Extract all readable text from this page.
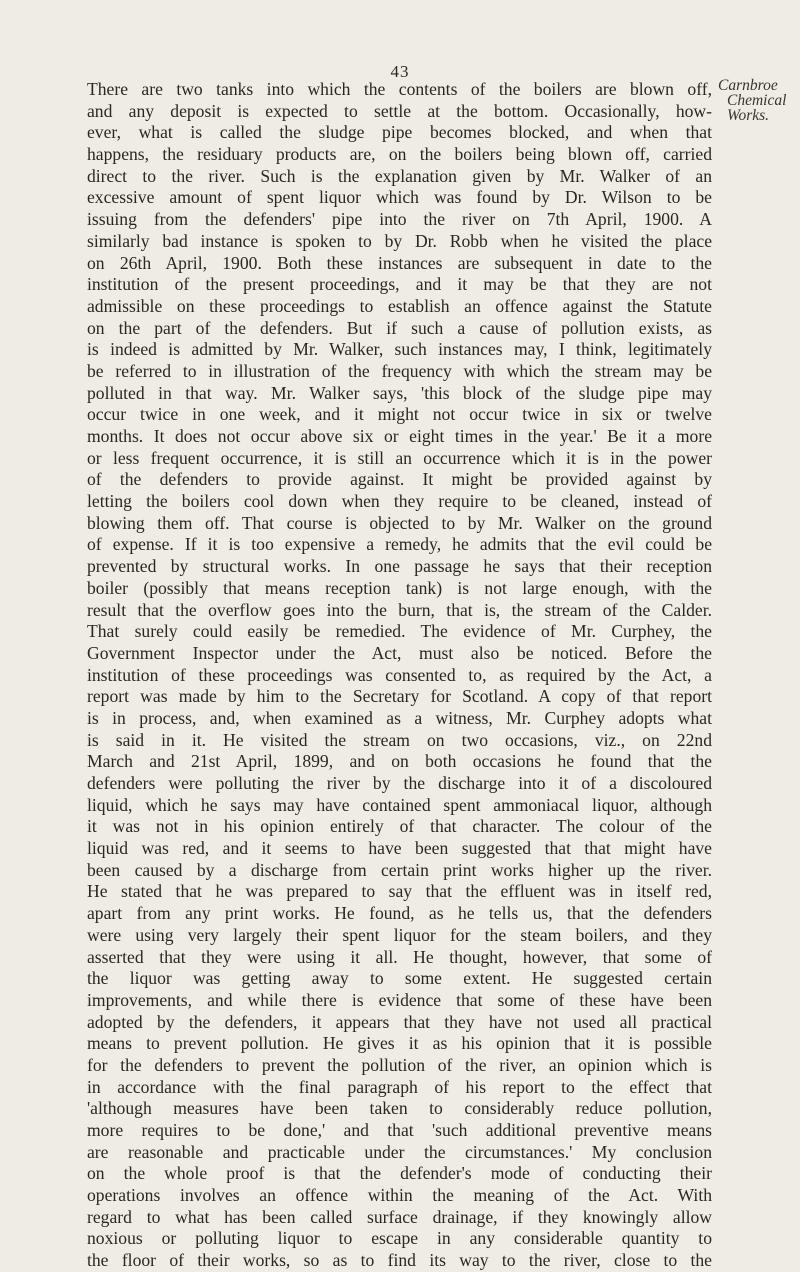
43
Carnbroe
Chemical
Works.
There are two tanks into which the contents of the boilers are blown off,
and any deposit is expected to settle at the bottom. Occasionally, how-
ever, what is called the sludge pipe becomes blocked, and when that
happens, the residuary products are, on the boilers being blown off, carried
direct to the river. Such is the explanation given by Mr. Walker of an
excessive amount of spent liquor which was found by Dr. Wilson to be
issuing from the defenders' pipe into the river on 7th April, 1900. A
similarly bad instance is spoken to by Dr. Robb when he visited the place
on 26th April, 1900. Both these instances are subsequent in date to the
institution of the present proceedings, and it may be that they are not
admissible on these proceedings to establish an offence against the Statute
on the part of the defenders. But if such a cause of pollution exists, as
is indeed is admitted by Mr. Walker, such instances may, I think, legitimately
be referred to in illustration of the frequency with which the stream may be
polluted in that way. Mr. Walker says, 'this block of the sludge pipe may
occur twice in one week, and it might not occur twice in six or twelve
months. It does not occur above six or eight times in the year.' Be it a more
or less frequent occurrence, it is still an occurrence which it is in the power
of the defenders to provide against. It might be provided against by
letting the boilers cool down when they require to be cleaned, instead of
blowing them off. That course is objected to by Mr. Walker on the ground
of expense. If it is too expensive a remedy, he admits that the evil could be
prevented by structural works. In one passage he says that their reception
boiler (possibly that means reception tank) is not large enough, with the
result that the overflow goes into the burn, that is, the stream of the Calder.
That surely could easily be remedied. The evidence of Mr. Curphey, the
Government Inspector under the Act, must also be noticed. Before the
institution of these proceedings was consented to, as required by the Act, a
report was made by him to the Secretary for Scotland. A copy of that report
is in process, and, when examined as a witness, Mr. Curphey adopts what
is said in it. He visited the stream on two occasions, viz., on 22nd
March and 21st April, 1899, and on both occasions he found that the
defenders were polluting the river by the discharge into it of a discoloured
liquid, which he says may have contained spent ammoniacal liquor, although
it was not in his opinion entirely of that character. The colour of the
liquid was red, and it seems to have been suggested that that might have
been caused by a discharge from certain print works higher up the river.
He stated that he was prepared to say that the effluent was in itself red,
apart from any print works. He found, as he tells us, that the defenders
were using very largely their spent liquor for the steam boilers, and they
asserted that they were using it all. He thought, however, that some of
the liquor was getting away to some extent. He suggested certain
improvements, and while there is evidence that some of these have been
adopted by the defenders, it appears that they have not used all practical
means to prevent pollution. He gives it as his opinion that it is possible
for the defenders to prevent the pollution of the river, an opinion which is
in accordance with the final paragraph of his report to the effect that
'although measures have been taken to considerably reduce pollution,
more requires to be done,' and that 'such additional preventive means
are reasonable and practicable under the circumstances.' My conclusion
on the whole proof is that the defender's mode of conducting their
operations involves an offence within the meaning of the Act. With
regard to what has been called surface drainage, if they knowingly allow
noxious or polluting liquor to escape in any considerable quantity to
the floor of their works, so as to find its way to the river, close to the
